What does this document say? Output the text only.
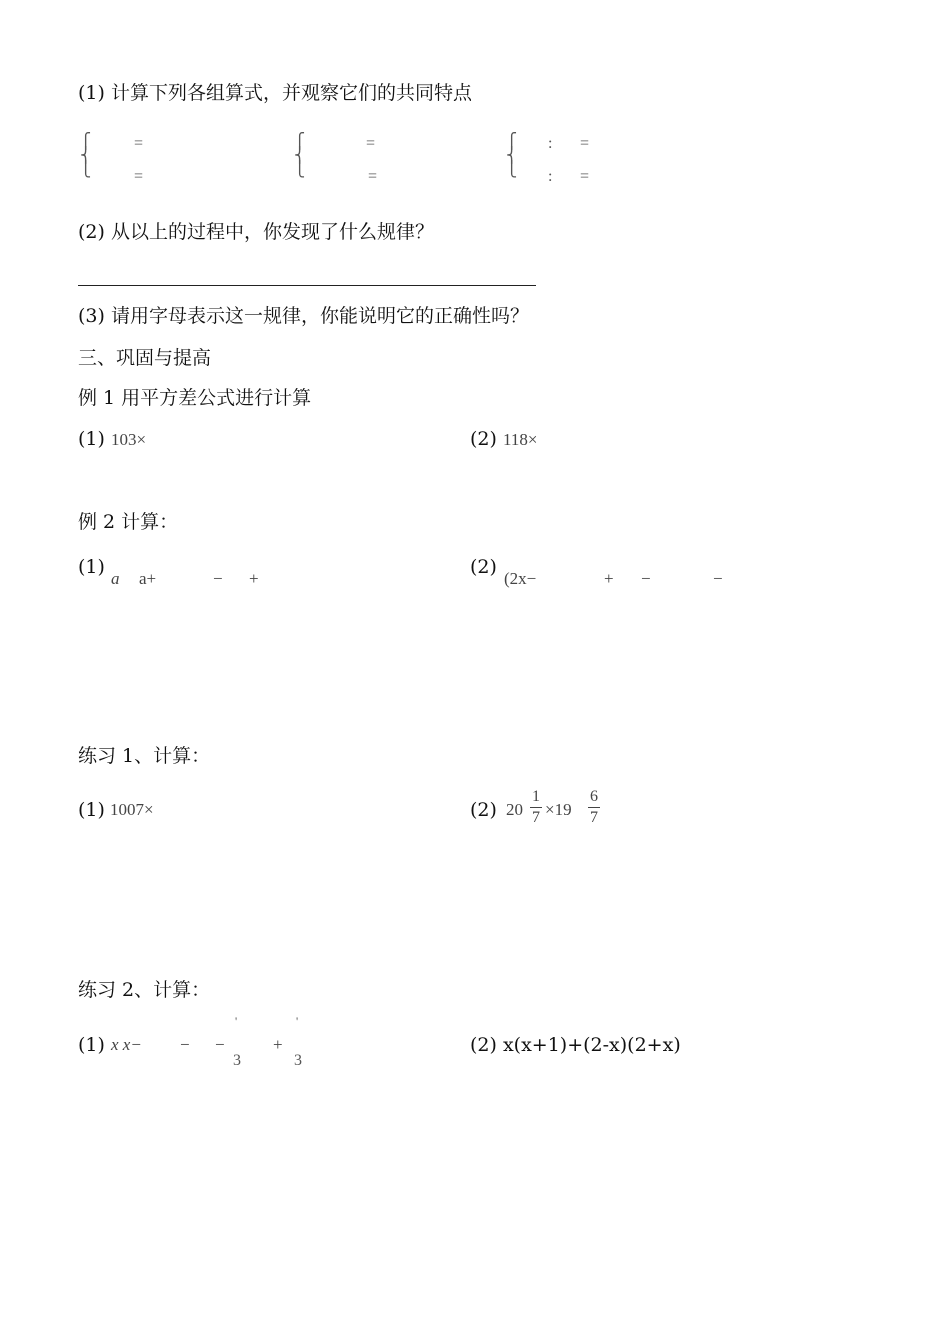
(1) 计算下列各组算式，并观察它们的共同特点
⎧
⎨
⎩
=
=
⎧
⎨
⎩
=
=
⎧
⎨
⎩
: =
: =
(2) 从以上的过程中，你发现了什么规律？
(3) 请用字母表示这一规律，你能说明它的正确性吗？
三、巩固与提高
例 1 用平方差公式进行计算
(1) 103×	(2) 118×
例 2 计算：
(1)
a a+	− +
(2)
(2x−	+ −	−
练习 1、计算：
(1) 1007×	(2) 20
1
7 ×19
6
7
练习 2、计算：
(1) x x− − −
'
3
+
'
3
(2) x(x+1)+(2-x)(2+x)
